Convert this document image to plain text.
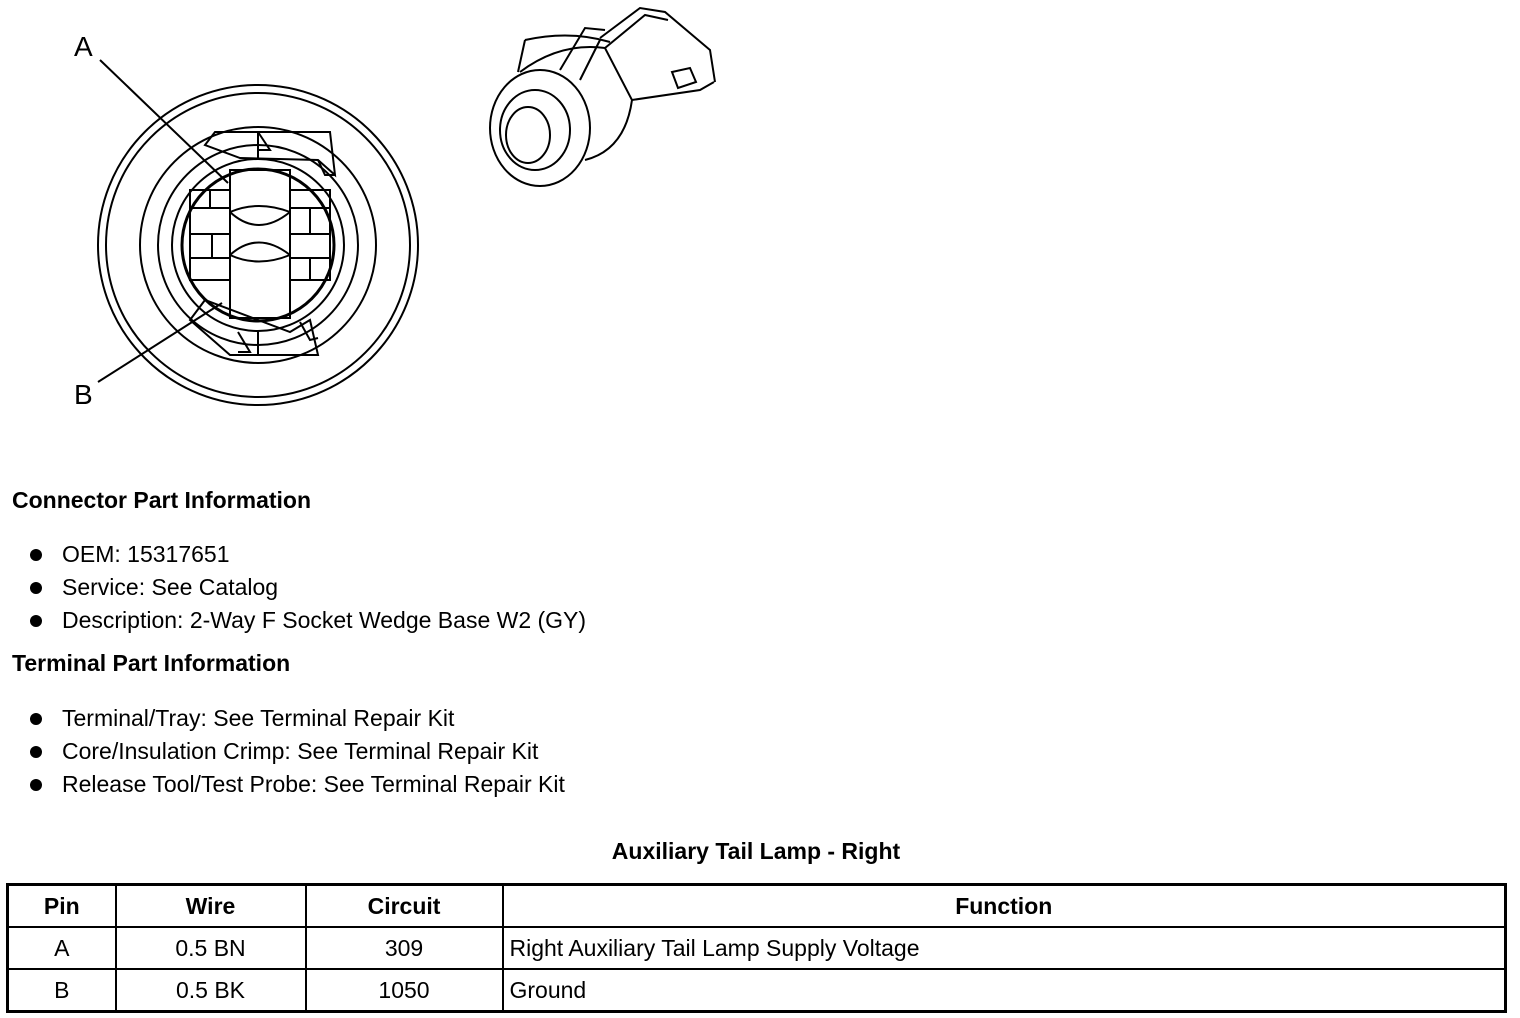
A
B
Connector Part Information
OEM: 15317651
Service: See Catalog
Description: 2-Way F Socket Wedge Base W2 (GY)
Terminal Part Information
Terminal/Tray: See Terminal Repair Kit
Core/Insulation Crimp: See Terminal Repair Kit
Release Tool/Test Probe: See Terminal Repair Kit
Auxiliary Tail Lamp - Right
Pin	Wire	Circuit	Function
A	0.5 BN	309	Right Auxiliary Tail Lamp Supply Voltage
B	0.5 BK	1050	Ground
